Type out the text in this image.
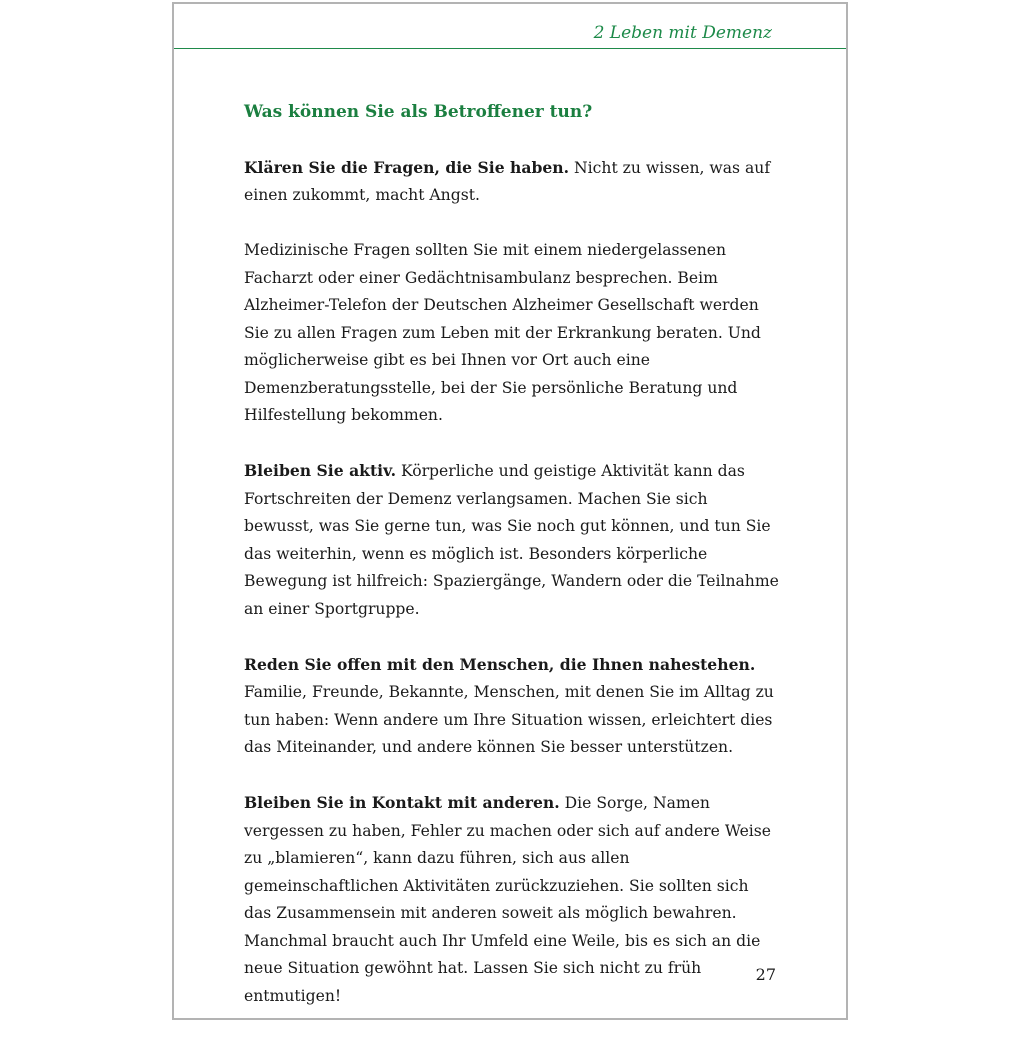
2 Leben mit Demenz
Was können Sie als Betroffener tun?

Klären Sie die Fragen, die Sie haben. Nicht zu wissen, was auf einen zukommt, macht Angst.

Medizinische Fragen sollten Sie mit einem niedergelassenen Facharzt oder einer Gedächtnisambulanz besprechen. Beim Alzheimer-Telefon der Deutschen Alzheimer Gesellschaft werden Sie zu allen Fragen zum Leben mit der Erkrankung beraten. Und möglicherweise gibt es bei Ihnen vor Ort auch eine Demenzberatungsstelle, bei der Sie persönliche Beratung und Hilfestellung bekommen.

Bleiben Sie aktiv. Körperliche und geistige Aktivität kann das Fortschreiten der Demenz verlangsamen. Machen Sie sich bewusst, was Sie gerne tun, was Sie noch gut können, und tun Sie das weiterhin, wenn es möglich ist. Besonders körperliche Bewegung ist hilfreich: Spaziergänge, Wandern oder die Teilnahme an einer Sportgruppe.

Reden Sie offen mit den Menschen, die Ihnen nahestehen. Familie, Freunde, Bekannte, Menschen, mit denen Sie im Alltag zu tun haben: Wenn andere um Ihre Situation wissen, erleichtert dies das Miteinander, und andere können Sie besser unterstützen.

Bleiben Sie in Kontakt mit anderen. Die Sorge, Namen vergessen zu haben, Fehler zu machen oder sich auf andere Weise zu „blamieren“, kann dazu führen, sich aus allen gemeinschaftlichen Aktivitäten zurückzuziehen. Sie sollten sich das Zusammensein mit anderen soweit als möglich bewahren. Manchmal braucht auch Ihr Umfeld eine Weile, bis es sich an die neue Situation gewöhnt hat. Lassen Sie sich nicht zu früh entmutigen!

27
